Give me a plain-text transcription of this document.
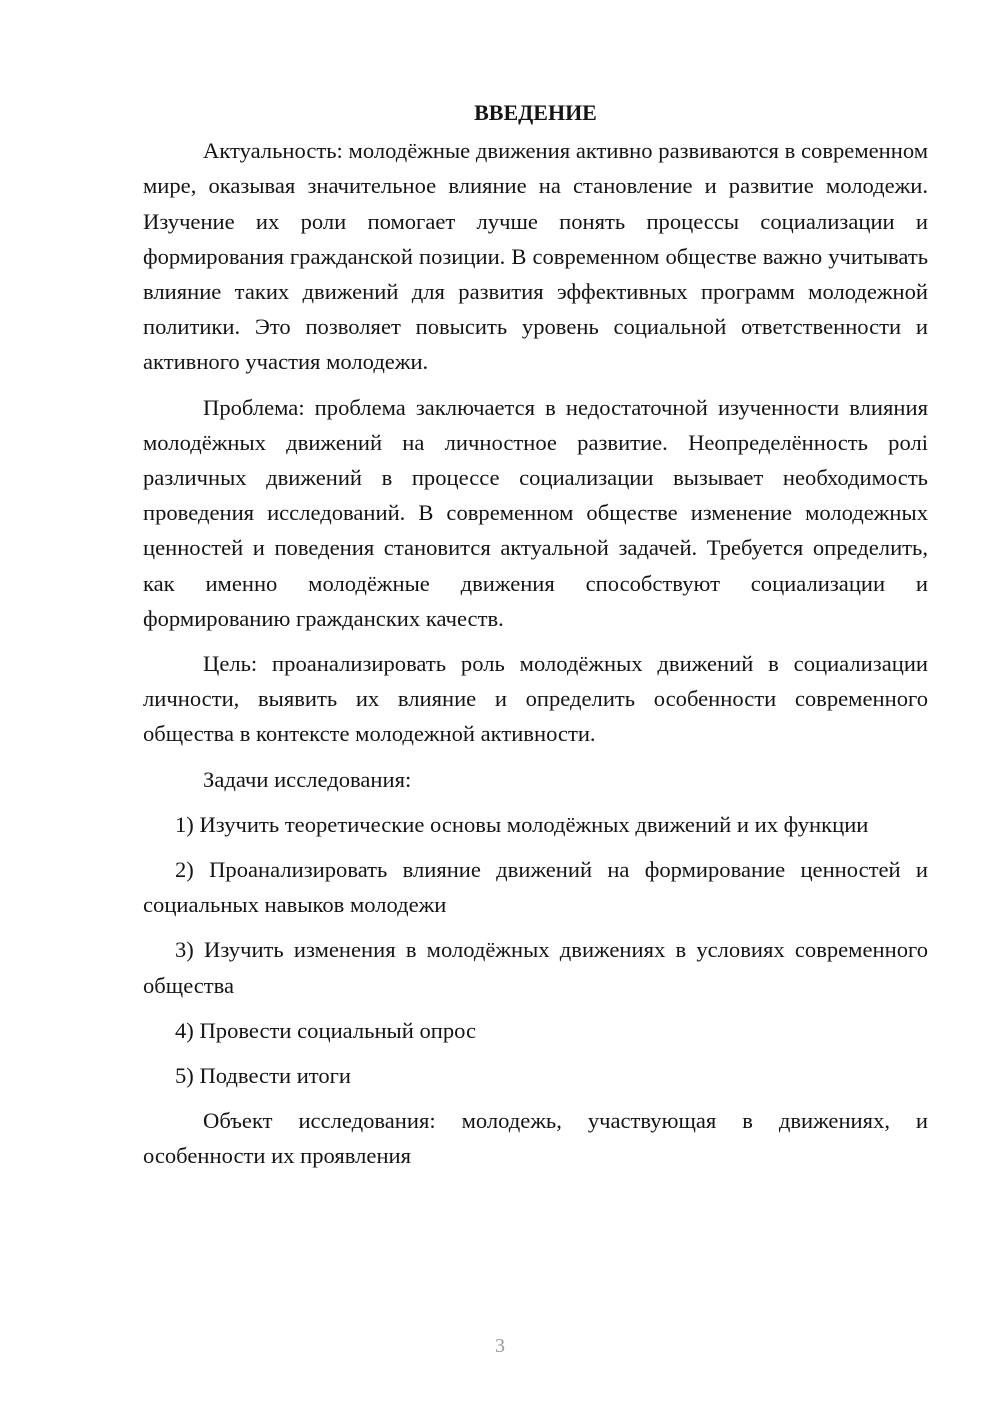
ВВЕДЕНИЕ

Актуальность: молодёжные движения активно развиваются в современном мире, оказывая значительное влияние на становление и развитие молодежи. Изучение их роли помогает лучше понять процессы социализации и формирования гражданской позиции. В современном обществе важно учитывать влияние таких движений для развития эффективных программ молодежной политики. Это позволяет повысить уровень социальной ответственности и активного участия молодежи.

Проблема: проблема заключается в недостаточной изученности влияния молодёжных движений на личностное развитие. Неопределённость ролі различных движений в процессе социализации вызывает необходимость проведения исследований. В современном обществе изменение молодежных ценностей и поведения становится актуальной задачей. Требуется определить, как именно молодёжные движения способствуют социализации и формированию гражданских качеств.

Цель: проанализировать роль молодёжных движений в социализации личности, выявить их влияние и определить особенности современного общества в контексте молодежной активности.

Задачи исследования:

1) Изучить теоретические основы молодёжных движений и их функции

2) Проанализировать влияние движений на формирование ценностей и социальных навыков молодежи

3) Изучить изменения в молодёжных движениях в условиях современного общества

4) Провести социальный опрос

5) Подвести итоги

Объект исследования: молодежь, участвующая в движениях, и особенности их проявления

3
